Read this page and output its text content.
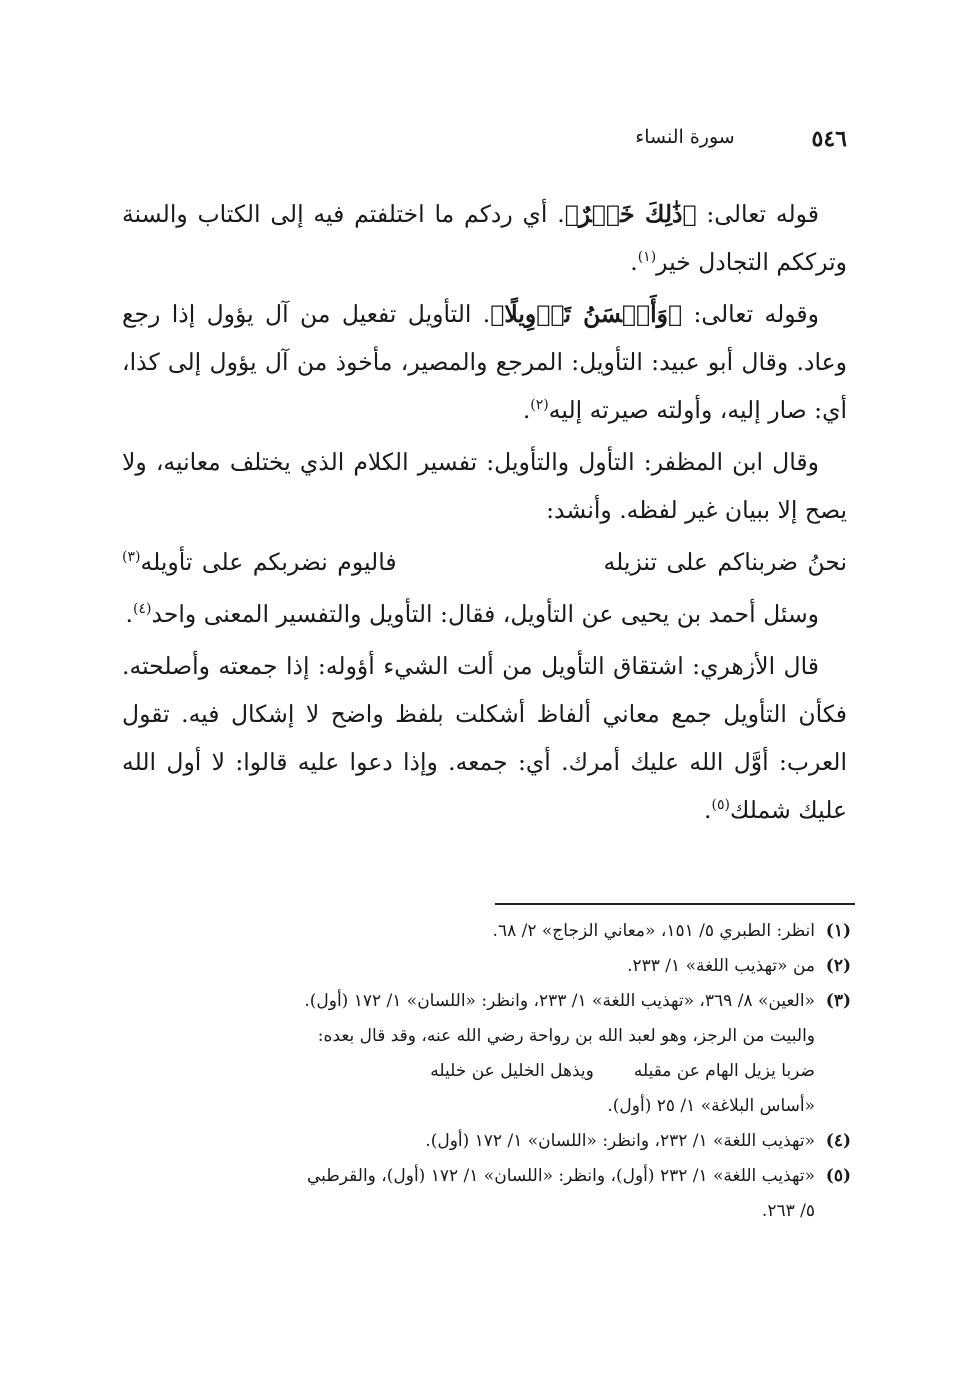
٥٤٦
سورة النساء

قوله تعالى: ﴿ذَٰلِكَ خَيۡرٌ﴾. أي ردكم ما اختلفتم فيه إلى الكتاب والسنة وترككم التجادل خير$^{(١)}$.

وقوله تعالى: ﴿وَأَحۡسَنُ تَأۡوِيلًا﴾. التأويل تفعيل من آل يؤول إذا رجع وعاد. وقال أبو عبيد: التأويل: المرجع والمصير، مأخوذ من آل يؤول إلى كذا، أي: صار إليه، وأولته صيرته إليه$^{(٢)}$.

وقال ابن المظفر: التأول والتأويل: تفسير الكلام الذي يختلف معانيه، ولا يصح إلا ببيان غير لفظه. وأنشد:

نحنُ ضربناكم على تنزيله
فاليوم نضربكم على تأويله$^{(٣)}$

وسئل أحمد بن يحيى عن التأويل، فقال: التأويل والتفسير المعنى واحد$^{(٤)}$.

قال الأزهري: اشتقاق التأويل من ألت الشيء أؤوله: إذا جمعته وأصلحته. فكأن التأويل جمع معاني ألفاظ أشكلت بلفظ واضح لا إشكال فيه. تقول العرب: أوَّل الله عليك أمرك. أي: جمعه. وإذا دعوا عليه قالوا: لا أول الله عليك شملك$^{(٥)}$.

(١)
انظر: الطبري ٥/ ١٥١، «معاني الزجاج» ٢/ ٦٨.
(٢)
من «تهذيب اللغة» ١/ ٢٣٣.
(٣)
«العين» ٨/ ٣٦٩، «تهذيب اللغة» ١/ ٢٣٣، وانظر: «اللسان» ١/ ١٧٢ (أول).
والبيت من الرجز، وهو لعبد الله بن رواحة رضي الله عنه، وقد قال بعده:
ضربا يزيل الهام عن مقيله
ويذهل الخليل عن خليله
«أساس البلاغة» ١/ ٢٥ (أول).
(٤)
«تهذيب اللغة» ١/ ٢٣٢، وانظر: «اللسان» ١/ ١٧٢ (أول).
(٥)
«تهذيب اللغة» ١/ ٢٣٢ (أول)، وانظر: «اللسان» ١/ ١٧٢ (أول)، والقرطبي
٥/ ٢٦٣.
